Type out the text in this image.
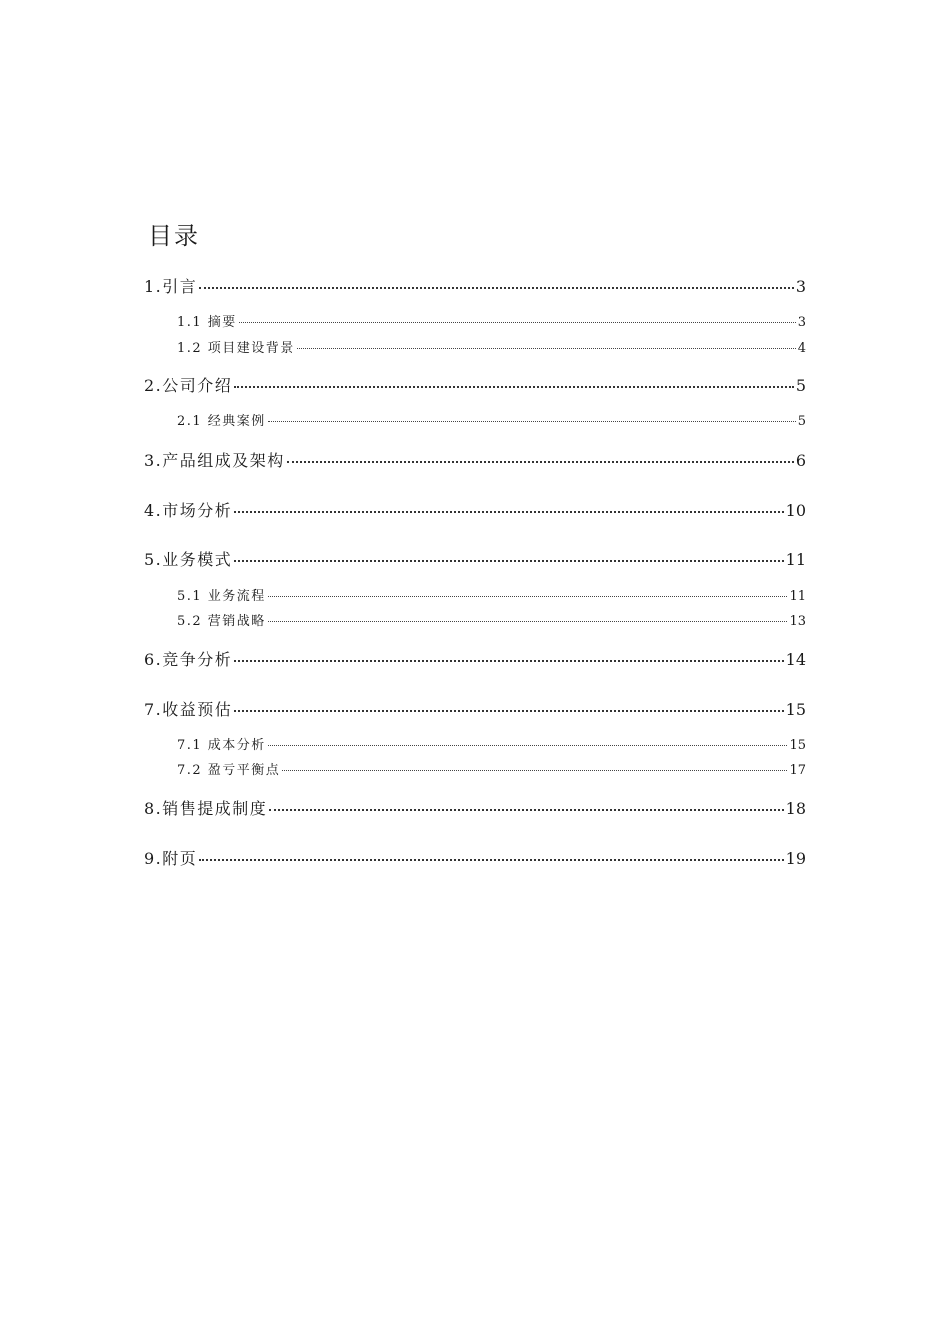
目录
1.引言	3
1.1 摘要	3
1.2 项目建设背景	4
2.公司介绍	5
2.1 经典案例	5
3.产品组成及架构	6
4.市场分析	10
5.业务模式	11
5.1 业务流程	11
5.2 营销战略	13
6.竞争分析	14
7.收益预估	15
7.1 成本分析	15
7.2 盈亏平衡点	17
8.销售提成制度	18
9.附页	19
